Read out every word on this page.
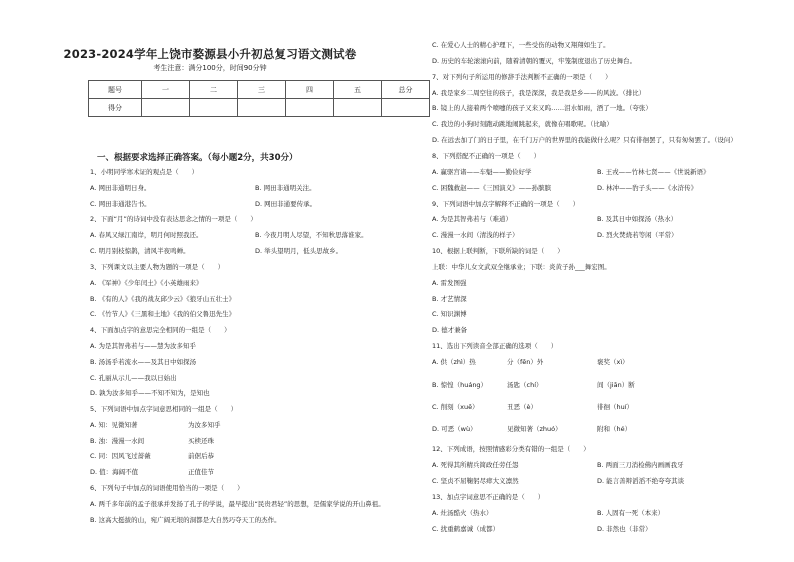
2023-2024学年上饶市婺源县小升初总复习语文测试卷
考生注意：满分100分，时间90分钟
题号	一	二	三	四	五	总分
得分						
一、根据要求选择正确答案。（每小题2分，共30分）
1、小明同学寒术证的观点是（　　）
A. 网田非通明日身。	B. 网田非通明关注。
C. 网田非通港告书。	D. 网田非通要传承。
2、下面“月”的诗词中没有表达思念之情的一项是（　　）
A. 春风又绿江南岸，明月何时照我还。	B. 今夜月明人尽望，不知秋思落谁家。
C. 明月别枝惊鹊，清风半夜鸣蝉。	D. 举头望明月，低头思故乡。
3、下列课文以主要人物为题的一项是（　　）
A. 《军神》《少年闰土》《小英雄雨来》
B. 《有的人》《我的战友邱少云》《狼牙山五壮士》
C. 《竹节人》《三黑和土地》《我的伯父鲁迅先生》
4、下面加点字的意思完全相同的一组是（　　）
A. 为是其智弗若与——慧为汝多知乎
B. 汤汤乎若流水——及其日中如探汤
C. 孔丽从示儿——我以日始出
D. 孰为汝多知乎——不知不知为，是知也
5、下列词语中加点字词意思相同的一组是（　　）
A. 知：见微知著	为汝多知乎
B. 浊：漫漫一水间	买椟还珠
C. 同：因风飞过蔷薇	前倨后恭
D. 值：海阔不值	正值佳节
6、下列句子中加点的词语使用恰当的一项是（　　）
A. 两千多年前的孟子很承并发扬了孔子的学说，最早提出“民贵君轻”的思想，是儒家学说的开山鼻祖。
B. 这高大挺拔的山，宛广阔无垠的洞都是大自然巧夺天工的杰作。
C. 在爱心人士的精心护理下，一些受伤的动物又翔翔如生了。
D. 历史的车轮滚滚向前，随着清朝的覆灭，牢笼制度退出了历史舞台。
7、对下列句子所运用的修辞手法判断不正确的一项是（　　）
A. 我是家乡二周空往的孩子，我是深深，我是我是乡——的风波。（排比）
B. 镜上的人接着两个喷嚏的孩子又来又呜……泪水如雨，酒了一地。（夸张）
C. 我边的小狗时刻跑动跳地闹跳起来，就像在唱歌呢。（比喻）
D. 在远去加了门的日子里，在千门万户的世界里的我能做什么呢？只有徘徊罢了，只有匆匆罢了。（设问）
8、下列搭配不正确的一项是（　　）
A. 赢驱宫诸——车魁——勤俭好学	B. 王戎——竹林七贤——《世说新语》
C. 困魏救赵——《三国演义》——孙膑膑	D. 林冲——豹子头——《水浒传》
9、下列词语中加点字解释不正确的一项是（　　）
A. 为是其智弗若与（难道）	B. 及其日中如探汤（热水）
C. 漫漫一水间（清浅的样子）	D. 烈火焚烧若等闲（平常）
10、根据上联判断，下联所缺的词是（　　）
上联：中华儿女文武双全继承业；下联：炎黄子孙___舞宏图。
A. 雷发图强
B. 才艺情深
C. 知识渊博
D. 德才兼备
11、选出下列读音全部正确的选项（　　）
A. 供（zhì）热	分（fēn）外	褒奖（xì）
B. 惊惶（huáng）	汤匙（chí）	间（jiān）断
C. 削刻（xuē）	丑恶（è）	徘徊（huí）
D. 可恶（wù）	见微知著（zhuó）	附和（hé）
12、下列成语，按照情感彩分类有错的一组是（　　）
A. 死得其所精兵简政任劳任怨	B. 两面三刀消检佛内画画我牙
C. 坚贞不屈鞠躬尽瘁大义凛然	D. 能言善辩滔滔不绝夸夸其谈
13、加点字词意思不正确的是（　　）
A. 灶汤酷火（热水）	B. 人固有一死（本来）
C. 扰重鹤嘉诚（成都）	D. 非然也（非常）
